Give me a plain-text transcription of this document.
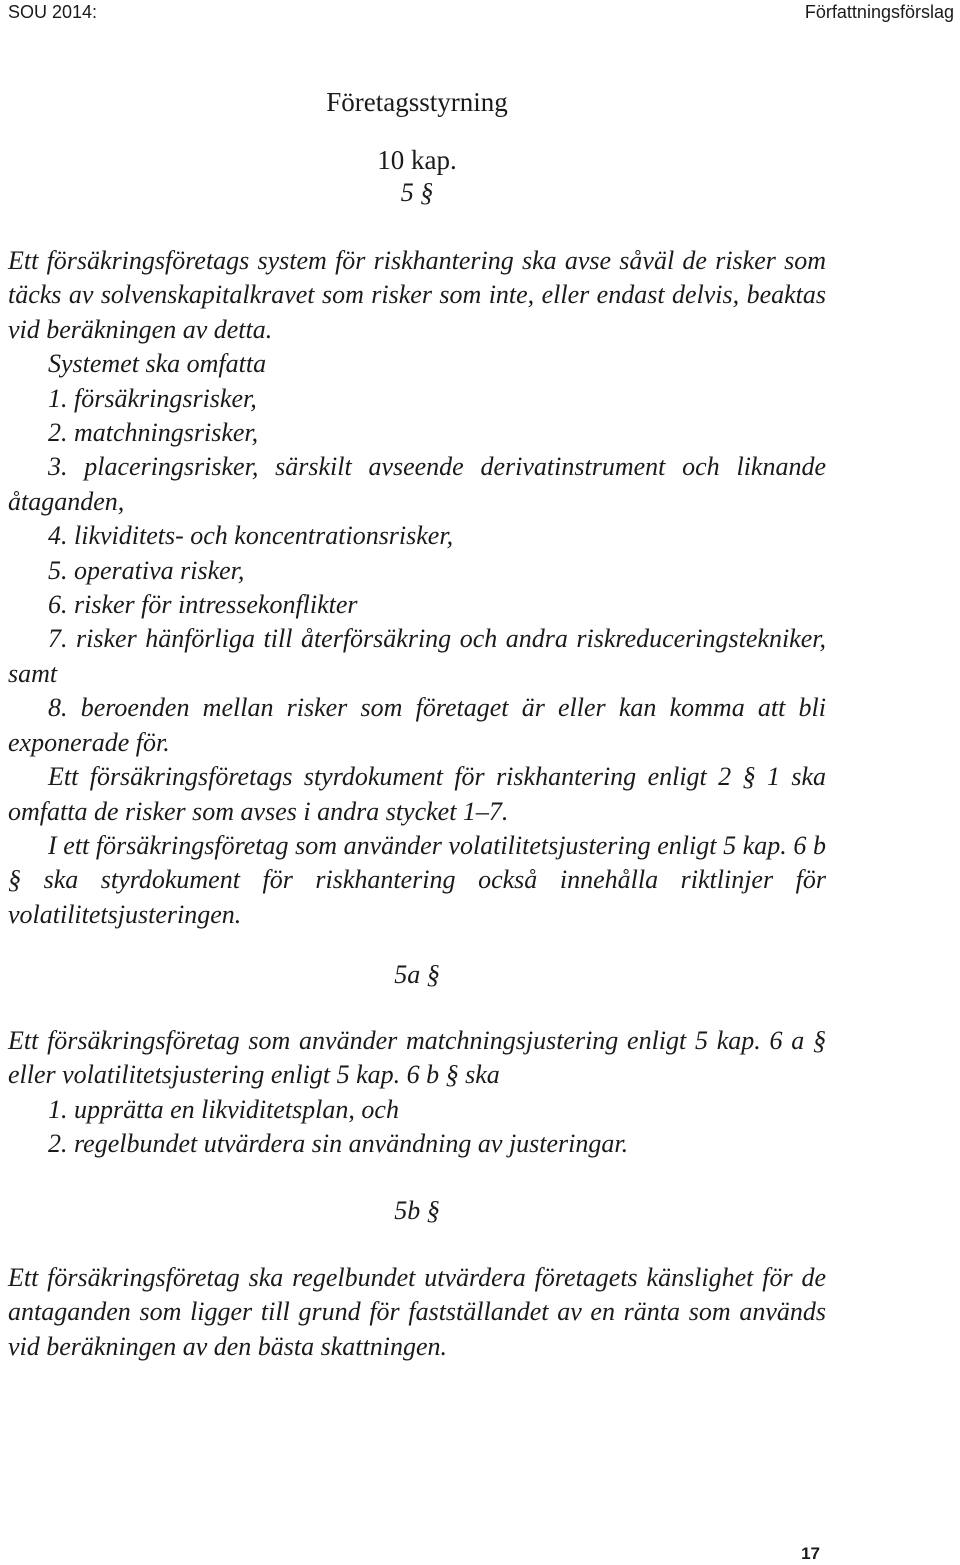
SOU 2014:	Författningsförslag
Företagsstyrning
10 kap.
5 §

Ett försäkringsföretags system för riskhantering ska avse såväl de risker som täcks av solvenskapitalkravet som risker som inte, eller endast delvis, beaktas vid beräkningen av detta.

Systemet ska omfatta

1. försäkringsrisker,

2. matchningsrisker,

3. placeringsrisker, särskilt avseende derivatinstrument och liknande åtaganden,

4. likviditets- och koncentrationsrisker,

5. operativa risker,

6. risker för intressekonflikter

7. risker hänförliga till återförsäkring och andra riskreduceringstekniker, samt

8. beroenden mellan risker som företaget är eller kan komma att bli exponerade för.

Ett försäkringsföretags styrdokument för riskhantering enligt 2 § 1 ska omfatta de risker som avses i andra stycket 1–7.

I ett försäkringsföretag som använder volatilitetsjustering enligt 5 kap. 6 b § ska styrdokument för riskhantering också innehålla riktlinjer för volatilitetsjusteringen.

5a §

Ett försäkringsföretag som använder matchningsjustering enligt 5 kap. 6 a § eller volatilitetsjustering enligt 5 kap. 6 b § ska

1. upprätta en likviditetsplan, och

2. regelbundet utvärdera sin användning av justeringar.

5b §

Ett försäkringsföretag ska regelbundet utvärdera företagets känslighet för de antaganden som ligger till grund för fastställandet av en ränta som används vid beräkningen av den bästa skattningen.

17
